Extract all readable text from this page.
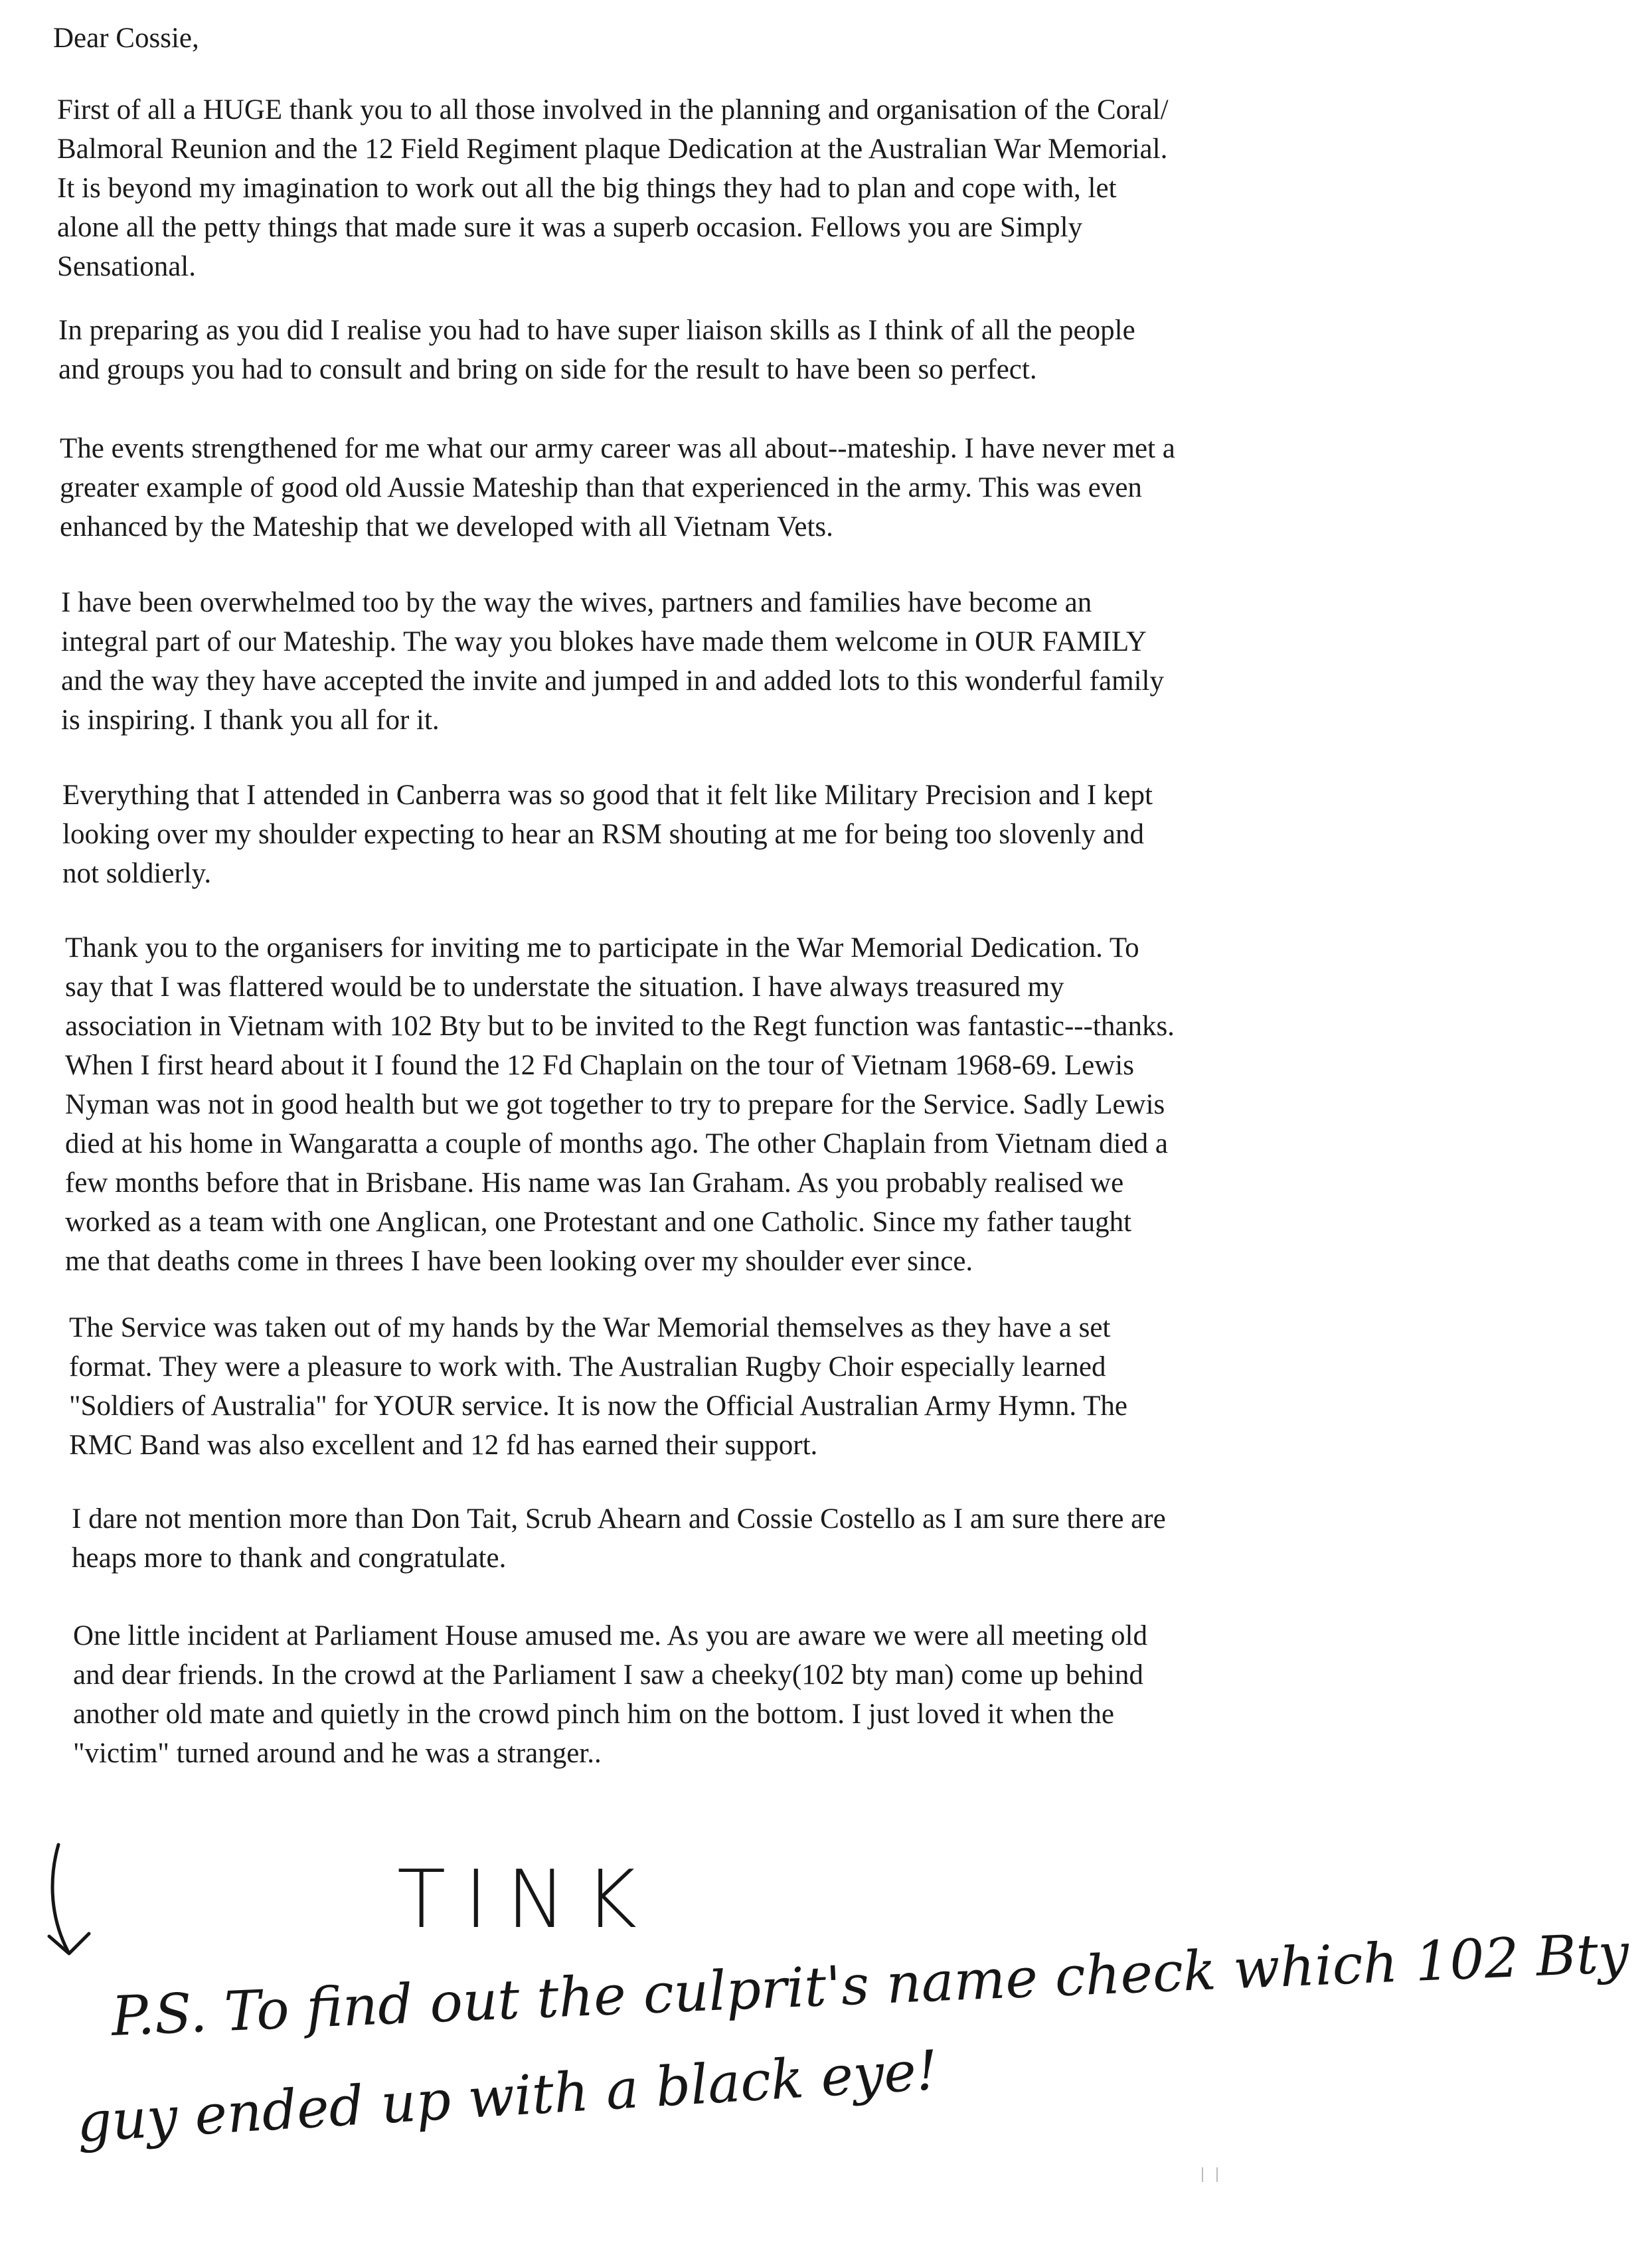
Dear Cossie,
First of all a HUGE thank you to all those involved in the planning and organisation of the Coral/
Balmoral Reunion and the 12 Field Regiment plaque Dedication at the Australian War Memorial.
It is beyond my imagination to work out all the big things they had to plan and cope with, let
alone all the petty things that made sure it was a superb occasion. Fellows you are Simply
Sensational.
In preparing as you did I realise you had to have super liaison skills as I think of all the people
and groups you had to consult and bring on side for the result to have been so perfect.
The events strengthened for me what our army career was all about--mateship. I have never met a
greater example of good old Aussie Mateship than that experienced in the army. This was even
enhanced by the Mateship that we developed with all Vietnam Vets.
I have been overwhelmed too by the way the wives, partners and families have become an
integral part of our Mateship. The way you blokes have made them welcome in OUR FAMILY
and the way they have accepted the invite and jumped in and added lots to this wonderful family
is inspiring. I thank you all for it.
Everything that I attended in Canberra was so good that it felt like Military Precision and I kept
looking over my shoulder expecting to hear an RSM shouting at me for being too slovenly and
not soldierly.
Thank you to the organisers for inviting me to participate in the War Memorial Dedication. To
say that I was flattered would be to understate the situation. I have always treasured my
association in Vietnam with 102 Bty but to be invited to the Regt function was fantastic---thanks.
When I first heard about it I found the 12 Fd Chaplain on the tour of Vietnam 1968-69. Lewis
Nyman was not in good health but we got together to try to prepare for the Service. Sadly Lewis
died at his home in Wangaratta a couple of months ago. The other Chaplain from Vietnam died a
few months before that in Brisbane. His name was Ian Graham. As you probably realised we
worked as a team with one Anglican, one Protestant and one Catholic. Since my father taught
me that deaths come in threes I have been looking over my shoulder ever since.
The Service was taken out of my hands by the War Memorial themselves as they have a set
format. They were a pleasure to work with. The Australian Rugby Choir especially learned
"Soldiers of Australia" for YOUR service. It is now the Official Australian Army Hymn. The
RMC Band was also excellent and 12 fd has earned their support.
I dare not mention more than Don Tait, Scrub Ahearn and Cossie Costello as I am sure there are
heaps more to thank and congratulate.
One little incident at Parliament House amused me. As you are aware we were all meeting old
and dear friends. In the crowd at the Parliament I saw a cheeky(102 bty man) come up behind
another old mate and quietly in the crowd pinch him on the bottom. I just loved it when the
"victim" turned around and he was a stranger..
TINK
P.S. To find out the culprit's name check which 102 Bty
guy ended up with a black eye!
